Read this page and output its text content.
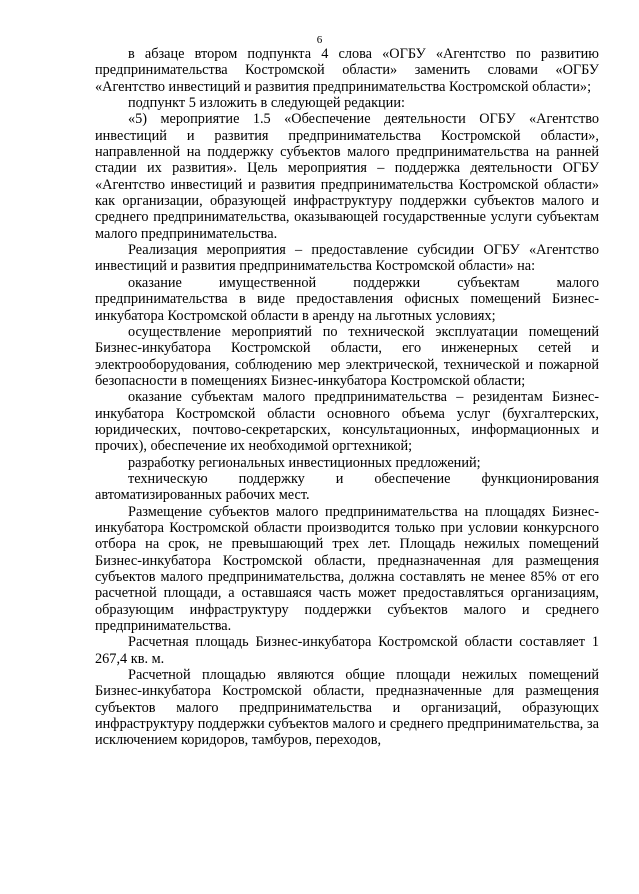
6

в абзаце втором подпункта 4 слова «ОГБУ «Агентство по развитию предпринимательства Костромской области» заменить словами «ОГБУ «Агентство инвестиций и развития предпринимательства Костромской области»;

подпункт 5 изложить в следующей редакции:

«5) мероприятие 1.5 «Обеспечение деятельности ОГБУ «Агентство инвестиций и развития предпринимательства Костромской области», направленной на поддержку субъектов малого предпринимательства на ранней стадии их развития». Цель мероприятия – поддержка деятельности ОГБУ «Агентство инвестиций и развития предпринимательства Костромской области» как организации, образующей инфраструктуру поддержки субъектов малого и среднего предпринимательства, оказывающей государственные услуги субъектам малого предпринимательства.

Реализация мероприятия – предоставление субсидии ОГБУ «Агентство инвестиций и развития предпринимательства Костромской области» на:

оказание имущественной поддержки субъектам малого предпринимательства в виде предоставления офисных помещений Бизнес-инкубатора Костромской области в аренду на льготных условиях;

осуществление мероприятий по технической эксплуатации помещений Бизнес-инкубатора Костромской области, его инженерных сетей и электрооборудования, соблюдению мер электрической, технической и пожарной безопасности в помещениях Бизнес-инкубатора Костромской области;

оказание субъектам малого предпринимательства – резидентам Бизнес-инкубатора Костромской области основного объема услуг (бухгалтерских, юридических, почтово-секретарских, консультационных, информационных и прочих), обеспечение их необходимой оргтехникой;

разработку региональных инвестиционных предложений;

техническую поддержку и обеспечение функционирования автоматизированных рабочих мест.

Размещение субъектов малого предпринимательства на площадях Бизнес-инкубатора Костромской области производится только при условии конкурсного отбора на срок, не превышающий трех лет. Площадь нежилых помещений Бизнес-инкубатора Костромской области, предназначенная для размещения субъектов малого предпринимательства, должна составлять не менее 85% от его расчетной площади, а оставшаяся часть может предоставляться организациям, образующим инфраструктуру поддержки субъектов малого и среднего предпринимательства.

Расчетная площадь Бизнес-инкубатора Костромской области составляет 1 267,4 кв. м.

Расчетной площадью являются общие площади нежилых помещений Бизнес-инкубатора Костромской области, предназначенные для размещения субъектов малого предпринимательства и организаций, образующих инфраструктуру поддержки субъектов малого и среднего предпринимательства, за исключением коридоров, тамбуров, переходов,
